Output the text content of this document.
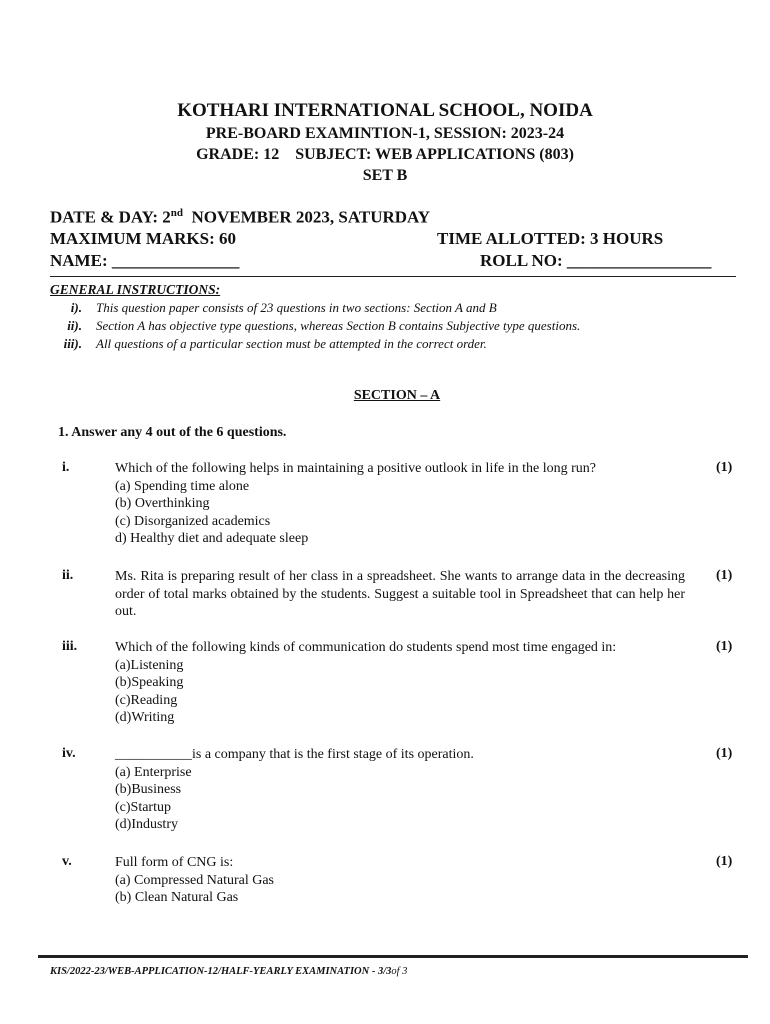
KOTHARI INTERNATIONAL SCHOOL, NOIDA
PRE-BOARD EXAMINTION-1, SESSION: 2023-24
GRADE: 12    SUBJECT: WEB APPLICATIONS (803)
SET B
DATE & DAY: 2nd  NOVEMBER 2023, SATURDAY
MAXIMUM MARKS: 60	TIME ALLOTTED: 3 HOURS
NAME: _______________	ROLL NO: _________________
GENERAL INSTRUCTIONS:
i). This question paper consists of 23 questions in two sections: Section A and B
ii). Section A has objective type questions, whereas Section B contains Subjective type questions.
iii). All questions of a particular section must be attempted in the correct order.
SECTION – A
1. Answer any 4 out of the 6 questions.
i.	Which of the following helps in maintaining a positive outlook in life in the long run?
(a) Spending time alone
(b) Overthinking
(c) Disorganized academics
d) Healthy diet and adequate sleep
(1)
ii.	Ms. Rita is preparing result of her class in a spreadsheet. She wants to arrange data in the decreasing order of total marks obtained by the students. Suggest a suitable tool in Spreadsheet that can help her out.
(1)
iii.	Which of the following kinds of communication do students spend most time engaged in:
(a)Listening
(b)Speaking
(c)Reading
(d)Writing
(1)
iv.	___________is a company that is the first stage of its operation.
(a) Enterprise
(b)Business
(c)Startup
(d)Industry
(1)
v.	Full form of CNG is:
(a) Compressed Natural Gas
(b) Clean Natural Gas
(1)
KIS/2022-23/WEB-APPLICATION-12/HALF-YEARLY EXAMINATION - 3/3of 3
